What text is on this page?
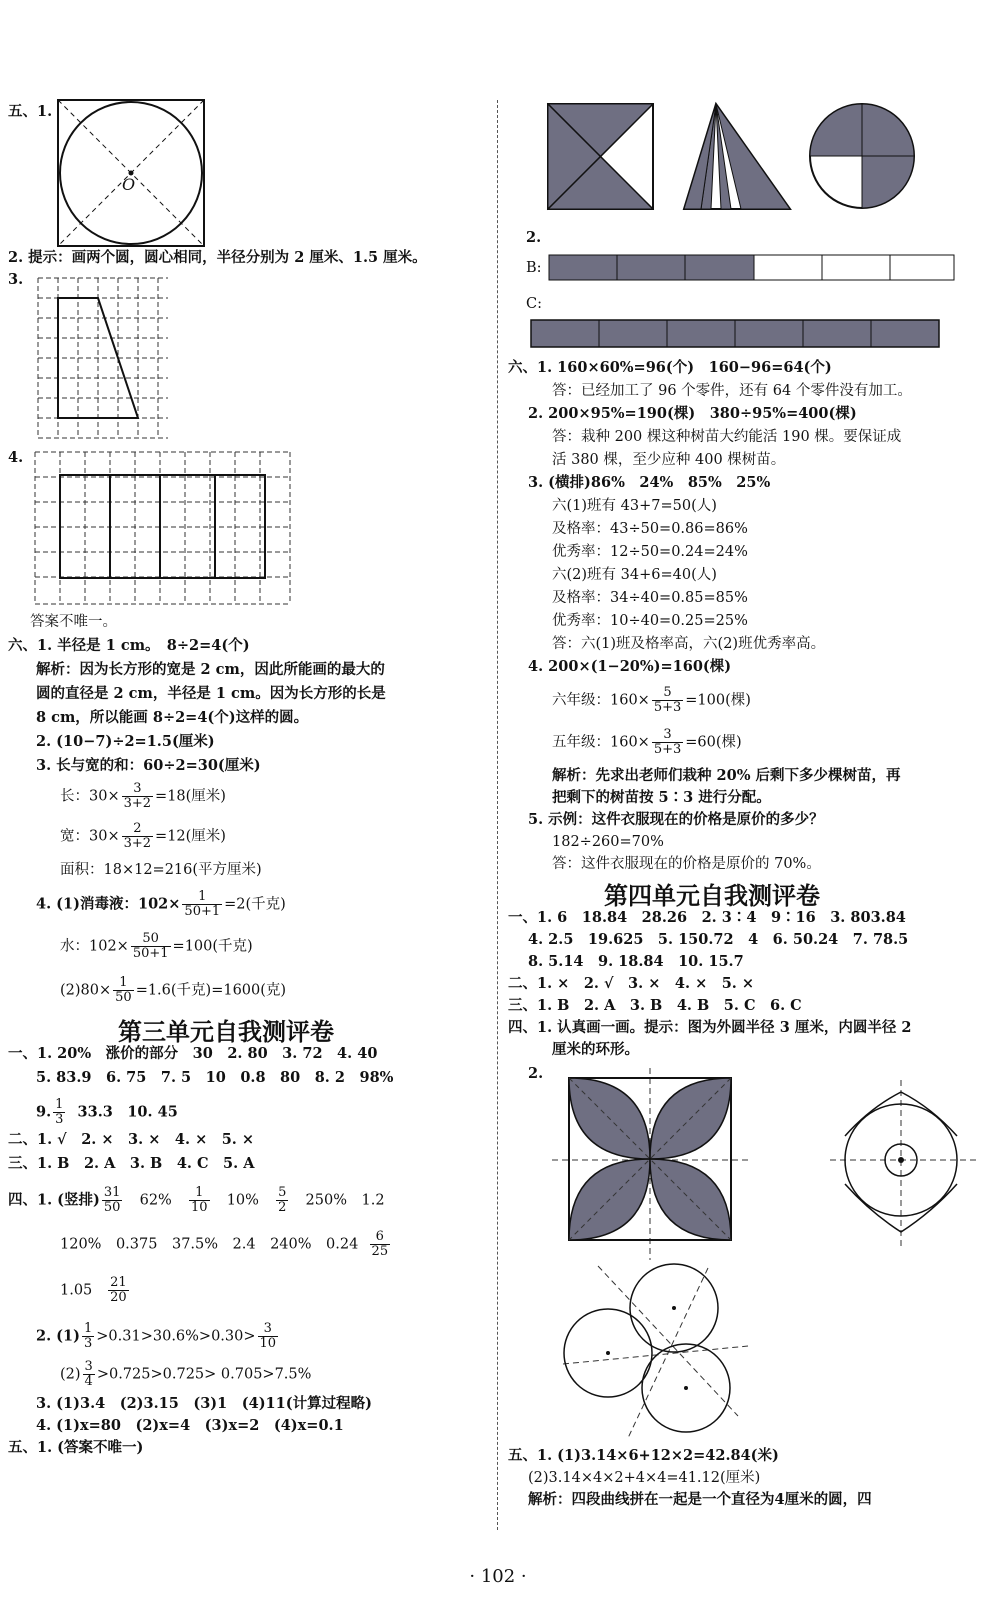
五、1.
O
2. 提示：画两个圆，圆心相同，半径分别为 2 厘米、1.5 厘米。
3.
4.
答案不唯一。
六、1. 半径是 1 cm。　8÷2=4(个)
解析：因为长方形的宽是 2 cm，因此所能画的最大的
圆的直径是 2 cm，半径是 1 cm。因为长方形的长是
8 cm，所以能画 8÷2=4(个)这样的圆。
2. (10−7)÷2=1.5(厘米)
3. 长与宽的和：60÷2=30(厘米)
长：$30\times \frac{3}{3+2} =18$(厘米)
宽：$30\times \frac{2}{3+2} =12$(厘米)
面积：18×12=216(平方厘米)
4. (1)消毒液：$102\times \frac{1}{50+1} =2$(千克)
水：$102\times \frac{50}{50+1} =100$(千克)
$(2)80\times \frac{1}{50} =1.6$(千克)=1600(克)
第三单元自我测评卷
一、1. 20%　涨价的部分　30　2. 80　3. 72　4. 40
5. 83.9　6. 75　7. 5　10　0.8　80　8. 2　98%
9. $\frac{1}{3} 33.3$　10. 45
二、1. √　2. ×　3. ×　4. ×　5. ×
三、1. B　2. A　3. B　4. C　5. A
四、1. (竖排) $\frac{31}{50} 62\% \frac{1}{10} 10\% \frac{5}{2} 250\%$　1.2
120%　0.375　37.5%　2.4　240%　$0.24 \frac{6}{25}$
$1.05 \frac{21}{20}$
2. $(1) \frac{1}{3} >0.31>30.6\%>0.30> \frac{3}{10}$
$(2) \frac{3}{4} >0.725>0.725> 0.705>7.5\%$
3. (1)3.4　(2)3.15　(3)1　(4)11(计算过程略)
4. (1)x=80　(2)x=4　(3)x=2　(4)x=0.1
五、1. (答案不唯一)
2.
B:
C:
六、1. 160×60%=96(个)　160−96=64(个)
答：已经加工了 96 个零件，还有 64 个零件没有加工。
2. 200×95%=190(棵)　380÷95%=400(棵)
答：栽种 200 棵这种树苗大约能活 190 棵。要保证成
活 380 棵，至少应种 400 棵树苗。
3. (横排)86%　24%　85%　25%
六(1)班有 43+7=50(人)
及格率：43÷50=0.86=86%
优秀率：12÷50=0.24=24%
六(2)班有 34+6=40(人)
及格率：34÷40=0.85=85%
优秀率：10÷40=0.25=25%
答：六(1)班及格率高，六(2)班优秀率高。
4. 200×(1−20%)=160(棵)
六年级：$160\times \frac{5}{5+3} =100$(棵)
五年级：$160\times \frac{3}{5+3} =60$(棵)
解析：先求出老师们栽种 20% 后剩下多少棵树苗，再
把剩下的树苗按 5∶3 进行分配。
5. 示例：这件衣服现在的价格是原价的多少？
182÷260=70%
答：这件衣服现在的价格是原价的 70%。
第四单元自我测评卷
一、1. 6　18.84　28.26　2. 3∶4　9∶16　3. 803.84
4. 2.5　19.625　5. 150.72　4　6. 50.24　7. 78.5
8. 5.14　9. 18.84　10. 15.7
二、1. ×　2. √　3. ×　4. ×　5. ×
三、1. B　2. A　3. B　4. B　5. C　6. C
四、1. 认真画一画。提示：图为外圆半径 3 厘米，内圆半径 2
厘米的环形。
2.
五、1. (1)3.14×6+12×2=42.84(米)
(2)3.14×4×2+4×4=41.12(厘米)
解析：四段曲线拼在一起是一个直径为4厘米的圆，四
· 102 ·
